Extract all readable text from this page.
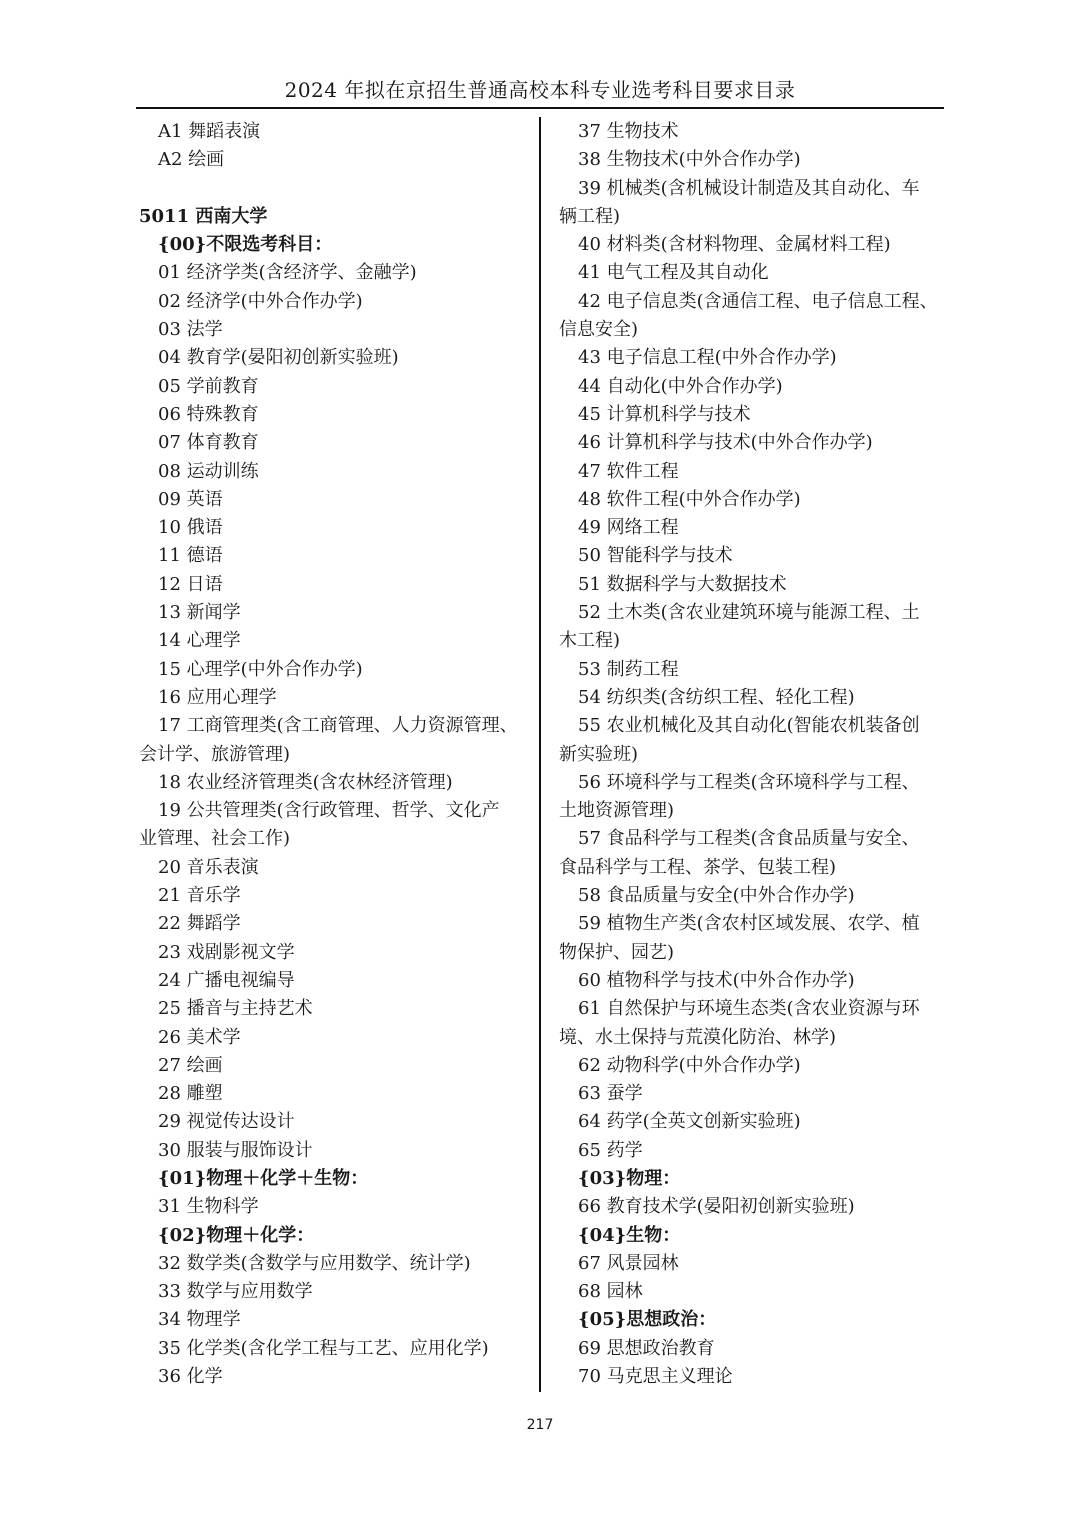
2024 年拟在京招生普通高校本科专业选考科目要求目录
A1 舞蹈表演
A2 绘画
5011 西南大学
{00}不限选考科目：
01 经济学类(含经济学、金融学)
02 经济学(中外合作办学)
03 法学
04 教育学(晏阳初创新实验班)
05 学前教育
06 特殊教育
07 体育教育
08 运动训练
09 英语
10 俄语
11 德语
12 日语
13 新闻学
14 心理学
15 心理学(中外合作办学)
16 应用心理学
17 工商管理类(含工商管理、人力资源管理、
会计学、旅游管理)
18 农业经济管理类(含农林经济管理)
19 公共管理类(含行政管理、哲学、文化产
业管理、社会工作)
20 音乐表演
21 音乐学
22 舞蹈学
23 戏剧影视文学
24 广播电视编导
25 播音与主持艺术
26 美术学
27 绘画
28 雕塑
29 视觉传达设计
30 服装与服饰设计
{01}物理＋化学＋生物：
31 生物科学
{02}物理＋化学：
32 数学类(含数学与应用数学、统计学)
33 数学与应用数学
34 物理学
35 化学类(含化学工程与工艺、应用化学)
36 化学
37 生物技术
38 生物技术(中外合作办学)
39 机械类(含机械设计制造及其自动化、车
辆工程)
40 材料类(含材料物理、金属材料工程)
41 电气工程及其自动化
42 电子信息类(含通信工程、电子信息工程、
信息安全)
43 电子信息工程(中外合作办学)
44 自动化(中外合作办学)
45 计算机科学与技术
46 计算机科学与技术(中外合作办学)
47 软件工程
48 软件工程(中外合作办学)
49 网络工程
50 智能科学与技术
51 数据科学与大数据技术
52 土木类(含农业建筑环境与能源工程、土
木工程)
53 制药工程
54 纺织类(含纺织工程、轻化工程)
55 农业机械化及其自动化(智能农机装备创
新实验班)
56 环境科学与工程类(含环境科学与工程、
土地资源管理)
57 食品科学与工程类(含食品质量与安全、
食品科学与工程、茶学、包装工程)
58 食品质量与安全(中外合作办学)
59 植物生产类(含农村区域发展、农学、植
物保护、园艺)
60 植物科学与技术(中外合作办学)
61 自然保护与环境生态类(含农业资源与环
境、水土保持与荒漠化防治、林学)
62 动物科学(中外合作办学)
63 蚕学
64 药学(全英文创新实验班)
65 药学
{03}物理：
66 教育技术学(晏阳初创新实验班)
{04}生物：
67 风景园林
68 园林
{05}思想政治：
69 思想政治教育
70 马克思主义理论
217
